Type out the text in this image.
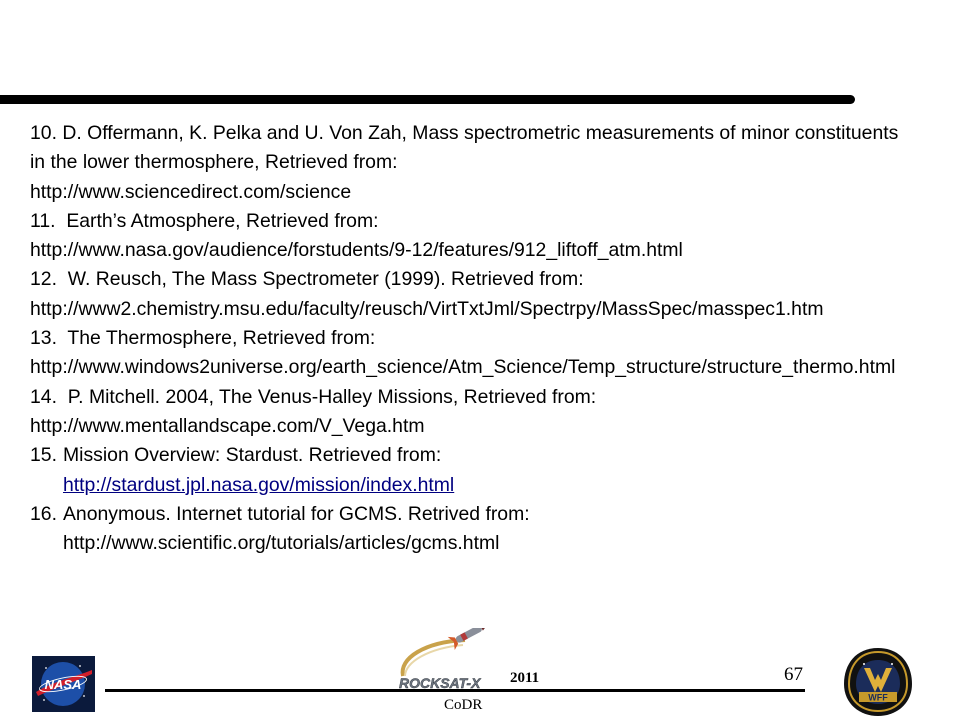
10. D. Offermann, K. Pelka and U. Von Zah, Mass spectrometric measurements of minor constituents in the lower thermosphere, Retrieved from:

http://www.sciencedirect.com/science

11. Earth’s Atmosphere, Retrieved from:

http://www.nasa.gov/audience/forstudents/9-12/features/912_liftoff_atm.html

12. W. Reusch, The Mass Spectrometer (1999). Retrieved from:

http://www2.chemistry.msu.edu/faculty/reusch/VirtTxtJml/Spectrpy/MassSpec/masspec1.htm

13. The Thermosphere, Retrieved from:

http://www.windows2universe.org/earth_science/Atm_Science/Temp_structure/structure_thermo.html

14. P. Mitchell. 2004, The Venus-Halley Missions, Retrieved from:

http://www.mentallandscape.com/V_Vega.htm

15. Mission Overview: Stardust. Retrieved from:

http://stardust.jpl.nasa.gov/mission/index.html

16. Anonymous. Internet tutorial for GCMS. Retrived from:

http://www.scientific.org/tutorials/articles/gcms.html

NASA	ROCKSAT-X 2011	67
CoDR	WFF
